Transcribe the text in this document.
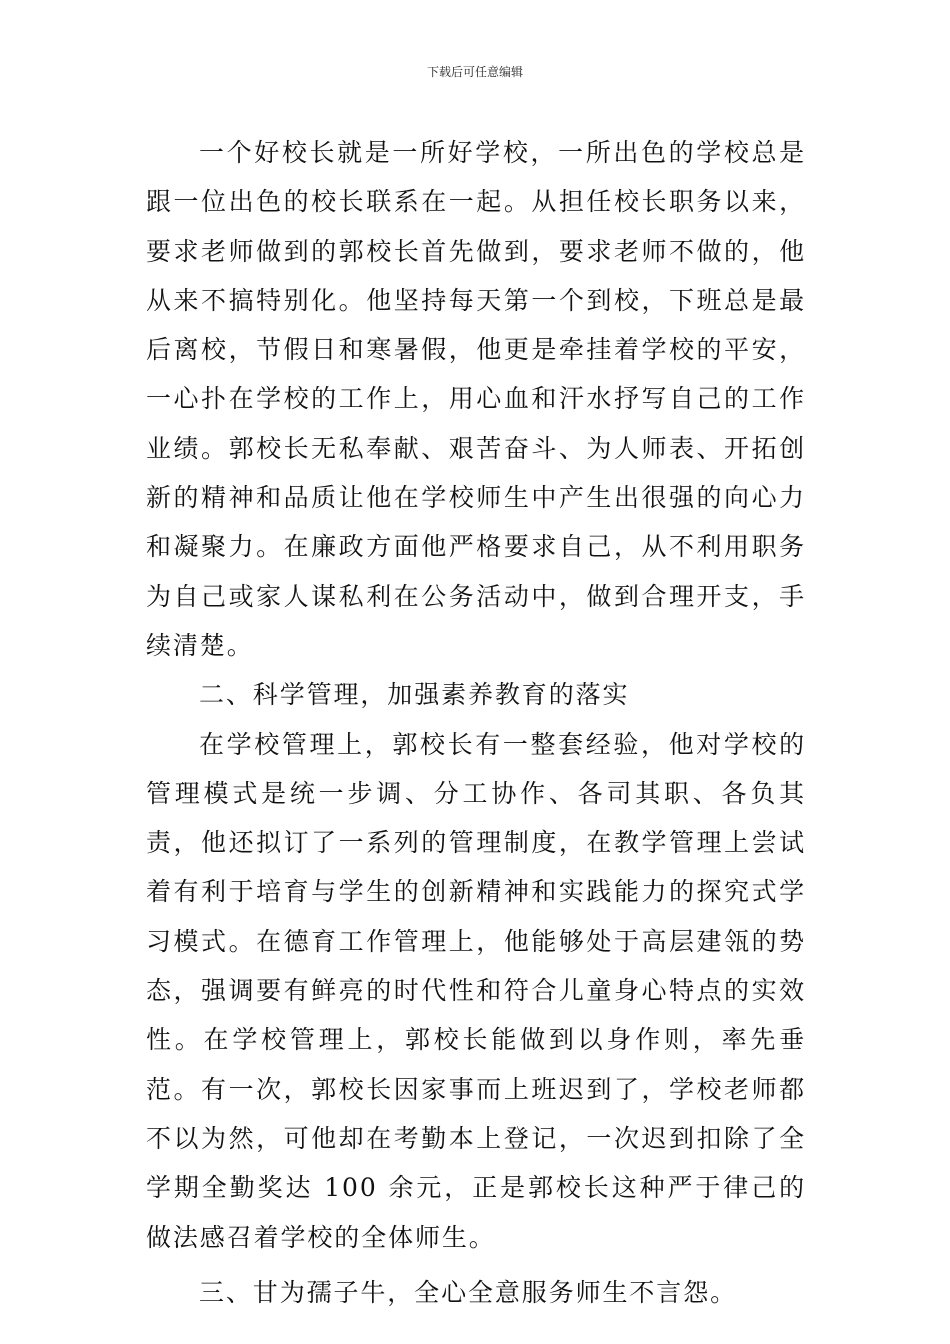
下载后可任意编辑

一个好校长就是一所好学校，一所出色的学校总是跟一位出色的校长联系在一起。从担任校长职务以来，要求老师做到的郭校长首先做到，要求老师不做的，他从来不搞特别化。他坚持每天第一个到校，下班总是最后离校，节假日和寒暑假，他更是牵挂着学校的平安，一心扑在学校的工作上，用心血和汗水抒写自己的工作业绩。郭校长无私奉献、艰苦奋斗、为人师表、开拓创新的精神和品质让他在学校师生中产生出很强的向心力和凝聚力。在廉政方面他严格要求自己，从不利用职务为自己或家人谋私利在公务活动中，做到合理开支，手续清楚。

二、科学管理，加强素养教育的落实

在学校管理上，郭校长有一整套经验，他对学校的管理模式是统一步调、分工协作、各司其职、各负其责，他还拟订了一系列的管理制度，在教学管理上尝试着有利于培育与学生的创新精神和实践能力的探究式学习模式。在德育工作管理上，他能够处于高层建瓴的势态，强调要有鲜亮的时代性和符合儿童身心特点的实效性。在学校管理上，郭校长能做到以身作则，率先垂范。有一次，郭校长因家事而上班迟到了，学校老师都不以为然，可他却在考勤本上登记，一次迟到扣除了全学期全勤奖达 100 余元，正是郭校长这种严于律己的做法感召着学校的全体师生。

三、甘为孺子牛，全心全意服务师生不言怨。
